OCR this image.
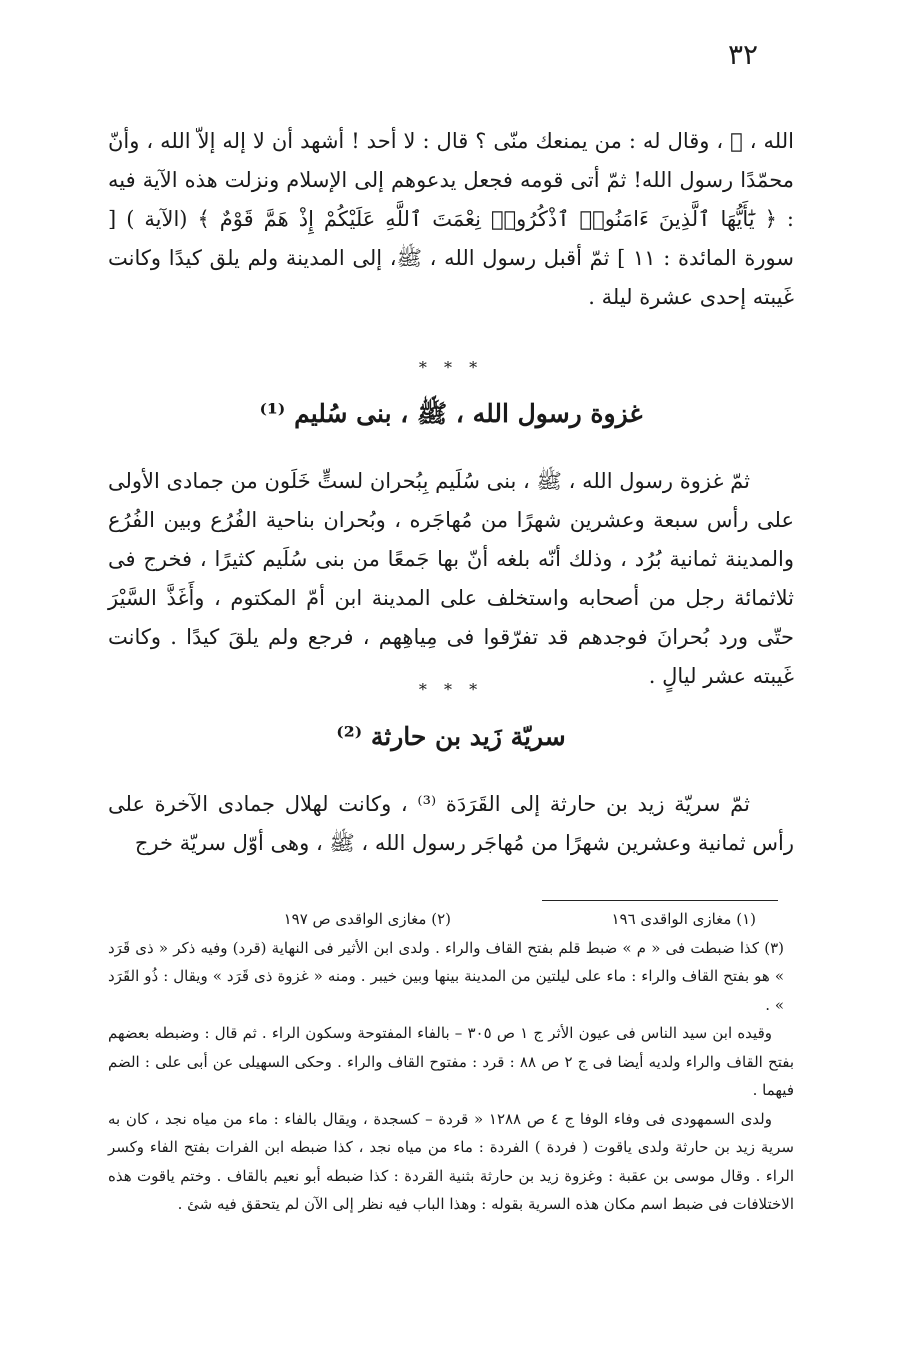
٣٢
الله ، ﷺ ، وقال له : من يمنعك منّى ؟ قال : لا أحد ! أشهد أن لا إله إلاّ الله ، وأنّ محمّدًا رسول الله! ثمّ أتى قومه فجعل يدعوهم إلى الإسلام ونزلت هذه الآية فيه : ﴿ يَٰٓأَيُّهَا ٱلَّذِينَ ءَامَنُوا۟ ٱذْكُرُوا۟ نِعْمَتَ ٱللَّهِ عَلَيْكُمْ إِذْ هَمَّ قَوْمٌ ﴾ (الآية ) [ سورة المائدة : ١١ ] ثمّ أقبل رسول الله ، ﷺ، إلى المدينة ولم يلق كيدًا وكانت غَيبته إحدى عشرة ليلة .
* * *
غزوة رسول الله ، ﷺ ، بنى سُليم ⁽¹⁾
ثمّ غزوة رسول الله ، ﷺ ، بنى سُلَيم بِبُحران لستٍّ خَلَون من جمادى الأولى على رأس سبعة وعشرين شهرًا من مُهاجَره ، وبُحران بناحية الفُرُع وبين الفُرُع والمدينة ثمانية بُرُد ، وذلك أنّه بلغه أنّ بها جَمعًا من بنى سُلَيم كثيرًا ، فخرج فى ثلاثمائة رجل من أصحابه واستخلف على المدينة ابن أمّ المكتوم ، وأَغَذَّ السَّيْرَ حتّى ورد بُحرانَ فوجدهم قد تفرّقوا فى مِياهِهم ، فرجع ولم يلقَ كيدًا . وكانت غَيبته عشر ليالٍ .
* * *
سريّة زَيد بن حارثة ⁽²⁾
ثمّ سريّة زيد بن حارثة إلى القَرَدَة ⁽³⁾ ، وكانت لهلال جمادى الآخرة على رأس ثمانية وعشرين شهرًا من مُهاجَر رسول الله ، ﷺ ، وهى أوّل سريّة خرج
(١) مغازى الواقدى ١٩٦
(٢) مغازى الواقدى ص ١٩٧
(٣) كذا ضبطت فى « م » ضبط قلم بفتح القاف والراء . ولدى ابن الأثير فى النهاية (قرد) وفيه ذكر « ذى قَرَد » هو بفتح القاف والراء : ماء على ليلتين من المدينة بينها وبين خيبر . ومنه « غزوة ذى قَرَد » ويقال : ذُو القَرَد » .
وقيده ابن سيد الناس فى عيون الأثر ج ١ ص ٣٠٥ – بالفاء المفتوحة وسكون الراء . ثم قال : وضبطه بعضهم بفتح القاف والراء ولديه أيضا فى ج ٢ ص ٨٨ : قرد : مفتوح القاف والراء . وحكى السهيلى عن أبى على : الضم فيهما .
ولدى السمهودى فى وفاء الوفا ج ٤ ص ١٢٨٨ « قردة – كسجدة ، ويقال بالفاء : ماء من مياه نجد ، كان به سرية زيد بن حارثة ولدى ياقوت ( فردة ) الفردة : ماء من مياه نجد ، كذا ضبطه ابن الفرات بفتح الفاء وكسر الراء . وقال موسى بن عقبة : وغزوة زيد بن حارثة بثنية القردة : كذا ضبطه أبو نعيم بالقاف . وختم ياقوت هذه الاختلافات فى ضبط اسم مكان هذه السرية بقوله : وهذا الباب فيه نظر إلى الآن لم يتحقق فيه شئ .
